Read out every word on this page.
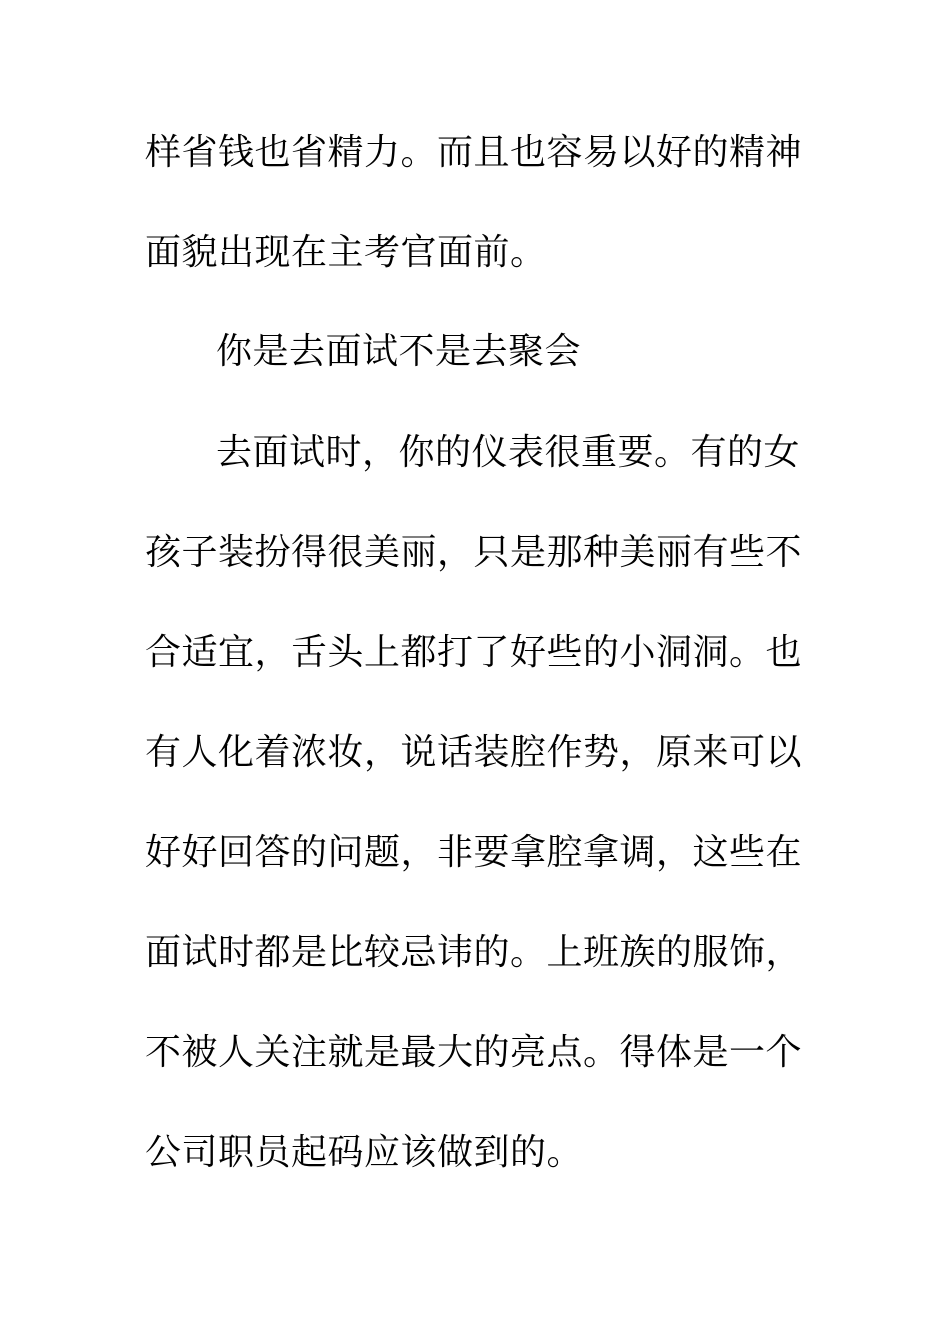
样省钱也省精力。而且也容易以好的精神
面貌出现在主考官面前。
你是去面试不是去聚会
去面试时，你的仪表很重要。有的女
孩子装扮得很美丽，只是那种美丽有些不
合适宜，舌头上都打了好些的小洞洞。也
有人化着浓妆，说话装腔作势，原来可以
好好回答的问题，非要拿腔拿调，这些在
面试时都是比较忌讳的。上班族的服饰，
不被人关注就是最大的亮点。得体是一个
公司职员起码应该做到的。
